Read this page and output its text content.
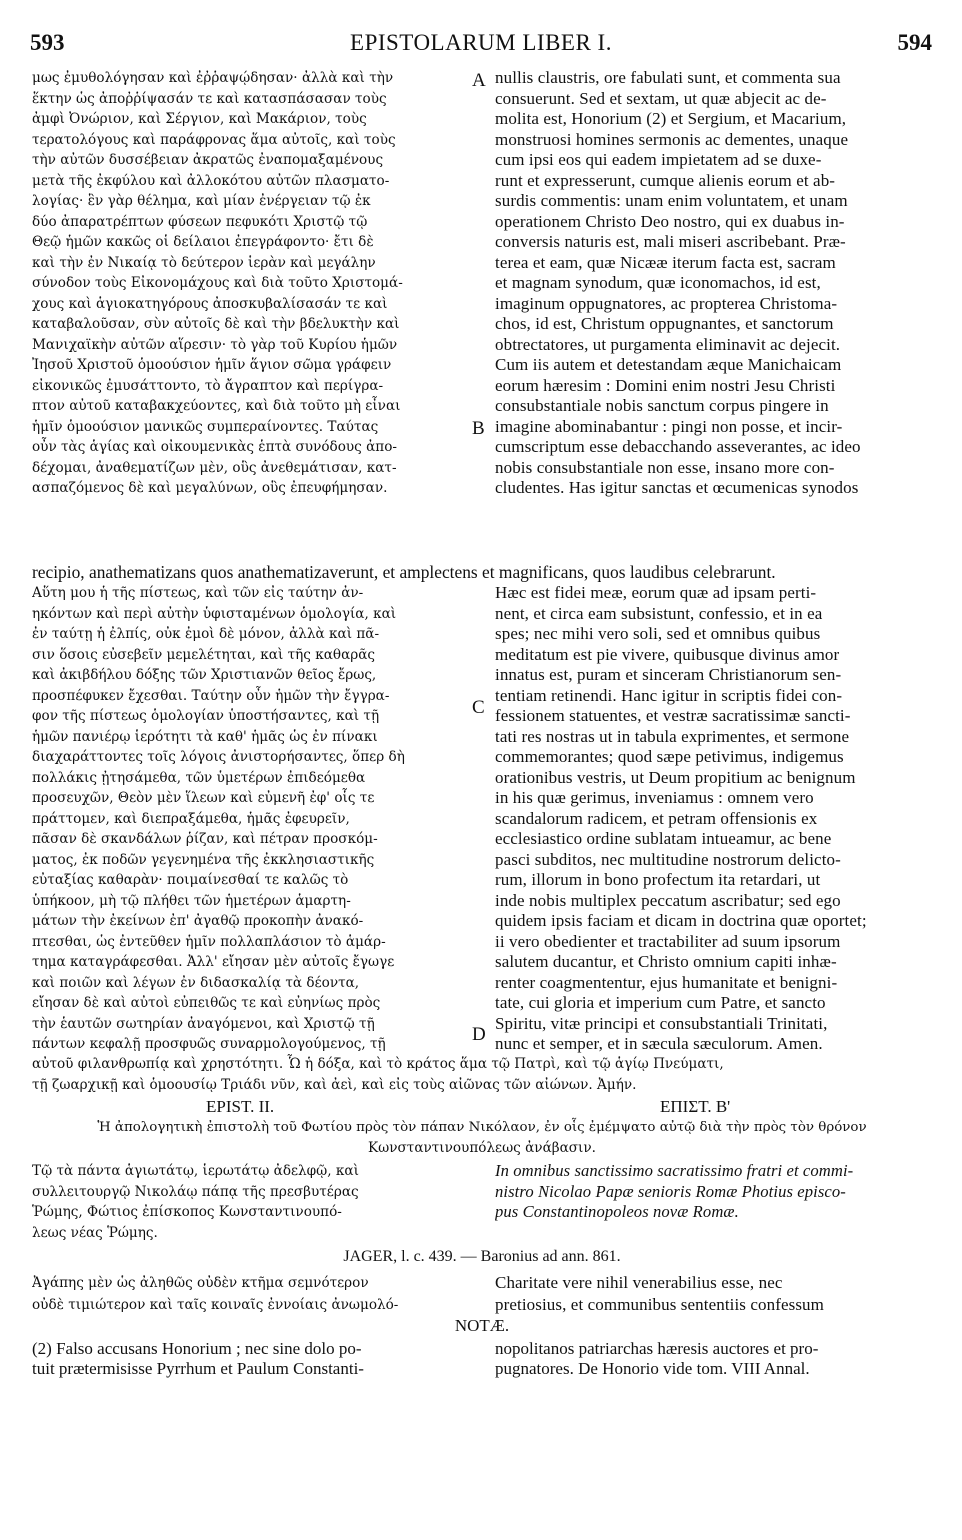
593	EPISTOLARUM LIBER I.	594
μως ἐμυθολόγησαν καὶ ἐῤῥαψῴδησαν· ἀλλὰ καὶ τὴν
ἕκτην ὡς ἀποῤῥίψασάν τε καὶ κατασπάσασαν τοὺς
ἀμφὶ Ὀνώριον, καὶ Σέργιον, καὶ Μακάριον, τοὺς
τερατολόγους καὶ παράφρονας ἅμα αὐτοῖς, καὶ τοὺς
τὴν αὐτῶν δυσσέβειαν ἀκρατῶς ἐναπομαξαμένους
μετὰ τῆς ἐκφύλου καὶ ἀλλοκότου αὐτῶν πλασματο-
λογίας· ἓν γὰρ θέλημα, καὶ μίαν ἐνέργειαν τῷ ἐκ
δύο ἀπαρατρέπτων φύσεων πεφυκότι Χριστῷ τῷ
Θεῷ ἡμῶν κακῶς οἱ δείλαιοι ἐπεγράφοντο· ἔτι δὲ
καὶ τὴν ἐν Νικαίᾳ τὸ δεύτερον ἱερὰν καὶ μεγάλην
σύνοδον τοὺς Εἰκονομάχους καὶ διὰ τοῦτο Χριστομά-
χους καὶ ἁγιοκατηγόρους ἀποσκυβαλίσασάν τε καὶ
καταβαλοῦσαν, σὺν αὐτοῖς δὲ καὶ τὴν βδελυκτὴν καὶ
Μανιχαϊκὴν αὐτῶν αἵρεσιν· τὸ γὰρ τοῦ Κυρίου ἡμῶν
Ἰησοῦ Χριστοῦ ὁμοούσιον ἡμῖν ἅγιον σῶμα γράφειν
εἰκονικῶς ἐμυσάττοντο, τὸ ἄγραπτον καὶ περίγρα-
πτον αὐτοῦ καταβακχεύοντες, καὶ διὰ τοῦτο μὴ εἶναι
ἡμῖν ὁμοούσιον μανικῶς συμπεραίνοντες. Ταύτας
οὖν τὰς ἁγίας καὶ οἰκουμενικὰς ἑπτὰ συνόδους ἀπο-
δέχομαι, ἀναθεματίζων μὲν, οὓς ἀνεθεμάτισαν, κατ-
ασπαζόμενος δὲ καὶ μεγαλύνων, οὓς ἐπευφήμησαν.
nullis claustris, ore fabulati sunt, et commenta sua
consuerunt. Sed et sextam, ut quæ abjecit ac de-
molita est, Honorium (2) et Sergium, et Macarium,
monstruosi homines sermonis ac dementes, unaque
cum ipsi eos qui eadem impietatem ad se duxe-
runt et expresserunt, cumque alienis eorum et ab-
surdis commentis: unam enim voluntatem, et unam
operationem Christo Deo nostro, qui ex duabus in-
conversis naturis est, mali miseri ascribebant. Præ-
terea et eam, quæ Nicææ iterum facta est, sacram
et magnam synodum, quæ iconomachos, id est,
imaginum oppugnatores, ac propterea Christoma-
chos, id est, Christum oppugnantes, et sanctorum
obtrectatores, ut purgamenta eliminavit ac dejecit.
Cum iis autem et detestandam æque Manichaicam
eorum hæresim : Domini enim nostri Jesu Christi
consubstantiale nobis sanctum corpus pingere in
imagine abominabantur : pingi non posse, et incir-
cumscriptum esse debacchando asseverantes, ac ideo
nobis consubstantiale non esse, insano more con-
cludentes. Has igitur sanctas et œcumenicas synodos
A
B
C
D
recipio, anathematizans quos anathematizaverunt, et amplectens et magnificans, quos laudibus celebrarunt.
Αὕτη μου ἡ τῆς πίστεως, καὶ τῶν εἰς ταύτην ἀν-
ηκόντων καὶ περὶ αὐτὴν ὑφισταμένων ὁμολογία, καὶ
ἐν ταύτῃ ἡ ἐλπίς, οὐκ ἐμοὶ δὲ μόνον, ἀλλὰ καὶ πᾶ-
σιν ὅσοις εὐσεβεῖν μεμελέτηται, καὶ τῆς καθαρᾶς
καὶ ἀκιβδήλου δόξης τῶν Χριστιανῶν θεῖος ἔρως,
προσπέφυκεν ἔχεσθαι. Ταύτην οὖν ἡμῶν τὴν ἔγγρα-
φον τῆς πίστεως ὁμολογίαν ὑποστήσαντες, καὶ τῇ
ἡμῶν πανιέρῳ ἱερότητι τὰ καθ' ἡμᾶς ὡς ἐν πίνακι
διαχαράττοντες τοῖς λόγοις ἀνιστορήσαντες, ὅπερ δὴ
πολλάκις ᾐτησάμεθα, τῶν ὑμετέρων ἐπιδεόμεθα
προσευχῶν, Θεὸν μὲν ἵλεων καὶ εὐμενῆ ἐφ' οἷς τε
πράττομεν, καὶ διεπραξάμεθα, ἡμᾶς ἐφευρεῖν,
πᾶσαν δὲ σκανδάλων ῥίζαν, καὶ πέτραν προσκόμ-
ματος, ἐκ ποδῶν γεγενημένα τῆς ἐκκλησιαστικῆς
εὐταξίας καθαρὰν· ποιμαίνεσθαί τε καλῶς τὸ
ὑπήκοον, μὴ τῷ πλήθει τῶν ἡμετέρων ἁμαρτη-
μάτων τὴν ἐκείνων ἐπ' ἀγαθῷ προκοπὴν ἀνακό-
πτεσθαι, ὡς ἐντεῦθεν ἡμῖν πολλαπλάσιον τὸ ἁμάρ-
τημα καταγράφεσθαι. Ἀλλ' εἴησαν μὲν αὐτοῖς ἔγωγε
καὶ ποιῶν καὶ λέγων ἐν διδασκαλίᾳ τὰ δέοντα,
εἴησαν δὲ καὶ αὐτοὶ εὐπειθῶς τε καὶ εὐηνίως πρὸς
τὴν ἑαυτῶν σωτηρίαν ἀναγόμενοι, καὶ Χριστῷ τῇ
πάντων κεφαλῇ προσφυῶς συναρμολογούμενος, τῇ
Hæc est fidei meæ, eorum quæ ad ipsam perti-
nent, et circa eam subsistunt, confessio, et in ea
spes; nec mihi vero soli, sed et omnibus quibus
meditatum est pie vivere, quibusque divinus amor
innatus est, puram et sinceram Christianorum sen-
tentiam retinendi. Hanc igitur in scriptis fidei con-
fessionem statuentes, et vestræ sacratissimæ sancti-
tati res nostras ut in tabula exprimentes, et sermone
commemorantes; quod sæpe petivimus, indigemus
orationibus vestris, ut Deum propitium ac benignum
in his quæ gerimus, inveniamus : omnem vero
scandalorum radicem, et petram offensionis ex
ecclesiastico ordine sublatam intueamur, ac bene
pasci subditos, nec multitudine nostrorum delicto-
rum, illorum in bono profectum ita retardari, ut
inde nobis multiplex peccatum ascribatur; sed ego
quidem ipsis faciam et dicam in doctrina quæ oportet;
ii vero obedienter et tractabiliter ad suum ipsorum
salutem ducantur, et Christo omnium capiti inhæ-
renter coagmententur, ejus humanitate et benigni-
tate, cui gloria et imperium cum Patre, et sancto
Spiritu, vitæ principi et consubstantiali Trinitati,
nunc et semper, et in sæcula sæculorum. Amen.
αὐτοῦ φιλανθρωπίᾳ καὶ χρηστότητι. Ὧ ἡ δόξα, καὶ τὸ κράτος ἅμα τῷ Πατρὶ, καὶ τῷ ἁγίῳ Πνεύματι,
τῇ ζωαρχικῇ καὶ ὁμοουσίῳ Τριάδι νῦν, καὶ ἀεὶ, καὶ εἰς τοὺς αἰῶνας τῶν αἰώνων. Ἀμήν.
EPIST. II.	ΕΠΙΣΤ. Β'
Ἡ ἀπολογητικὴ ἐπιστολὴ τοῦ Φωτίου πρὸς τὸν πάπαν Νικόλαον, ἐν οἷς ἐμέμψατο αὐτῷ διὰ τὴν πρὸς τὸν θρόνον
Κωνσταντινουπόλεως ἀνάβασιν.
Τῷ τὰ πάντα ἁγιωτάτῳ, ἱερωτάτῳ ἀδελφῷ, καὶ
συλλειτουργῷ Νικολάῳ πάπᾳ τῆς πρεσβυτέρας
Ῥώμης, Φώτιος ἐπίσκοπος Κωνσταντινουπό-
λεως νέας Ῥώμης.
In omnibus sanctissimo sacratissimo fratri et commi-
nistro Nicolao Papæ senioris Romæ Photius episco-
pus Constantinopoleos novæ Romæ.
JAGER, l. c. 439. — Baronius ad ann. 861.
Ἀγάπης μὲν ὡς ἀληθῶς οὐδὲν κτῆμα σεμνότερον
οὐδὲ τιμιώτερον καὶ ταῖς κοιναῖς ἐννοίαις ἀνωμολό-
Charitate vere nihil venerabilius esse, nec
pretiosius, et communibus sententiis confessum
NOTÆ.
(2) Falso accusans Honorium ; nec sine dolo po-
tuit prætermisisse Pyrrhum et Paulum Constanti-
nopolitanos patriarchas hæresis auctores et pro-
pugnatores. De Honorio vide tom. VIII Annal.
